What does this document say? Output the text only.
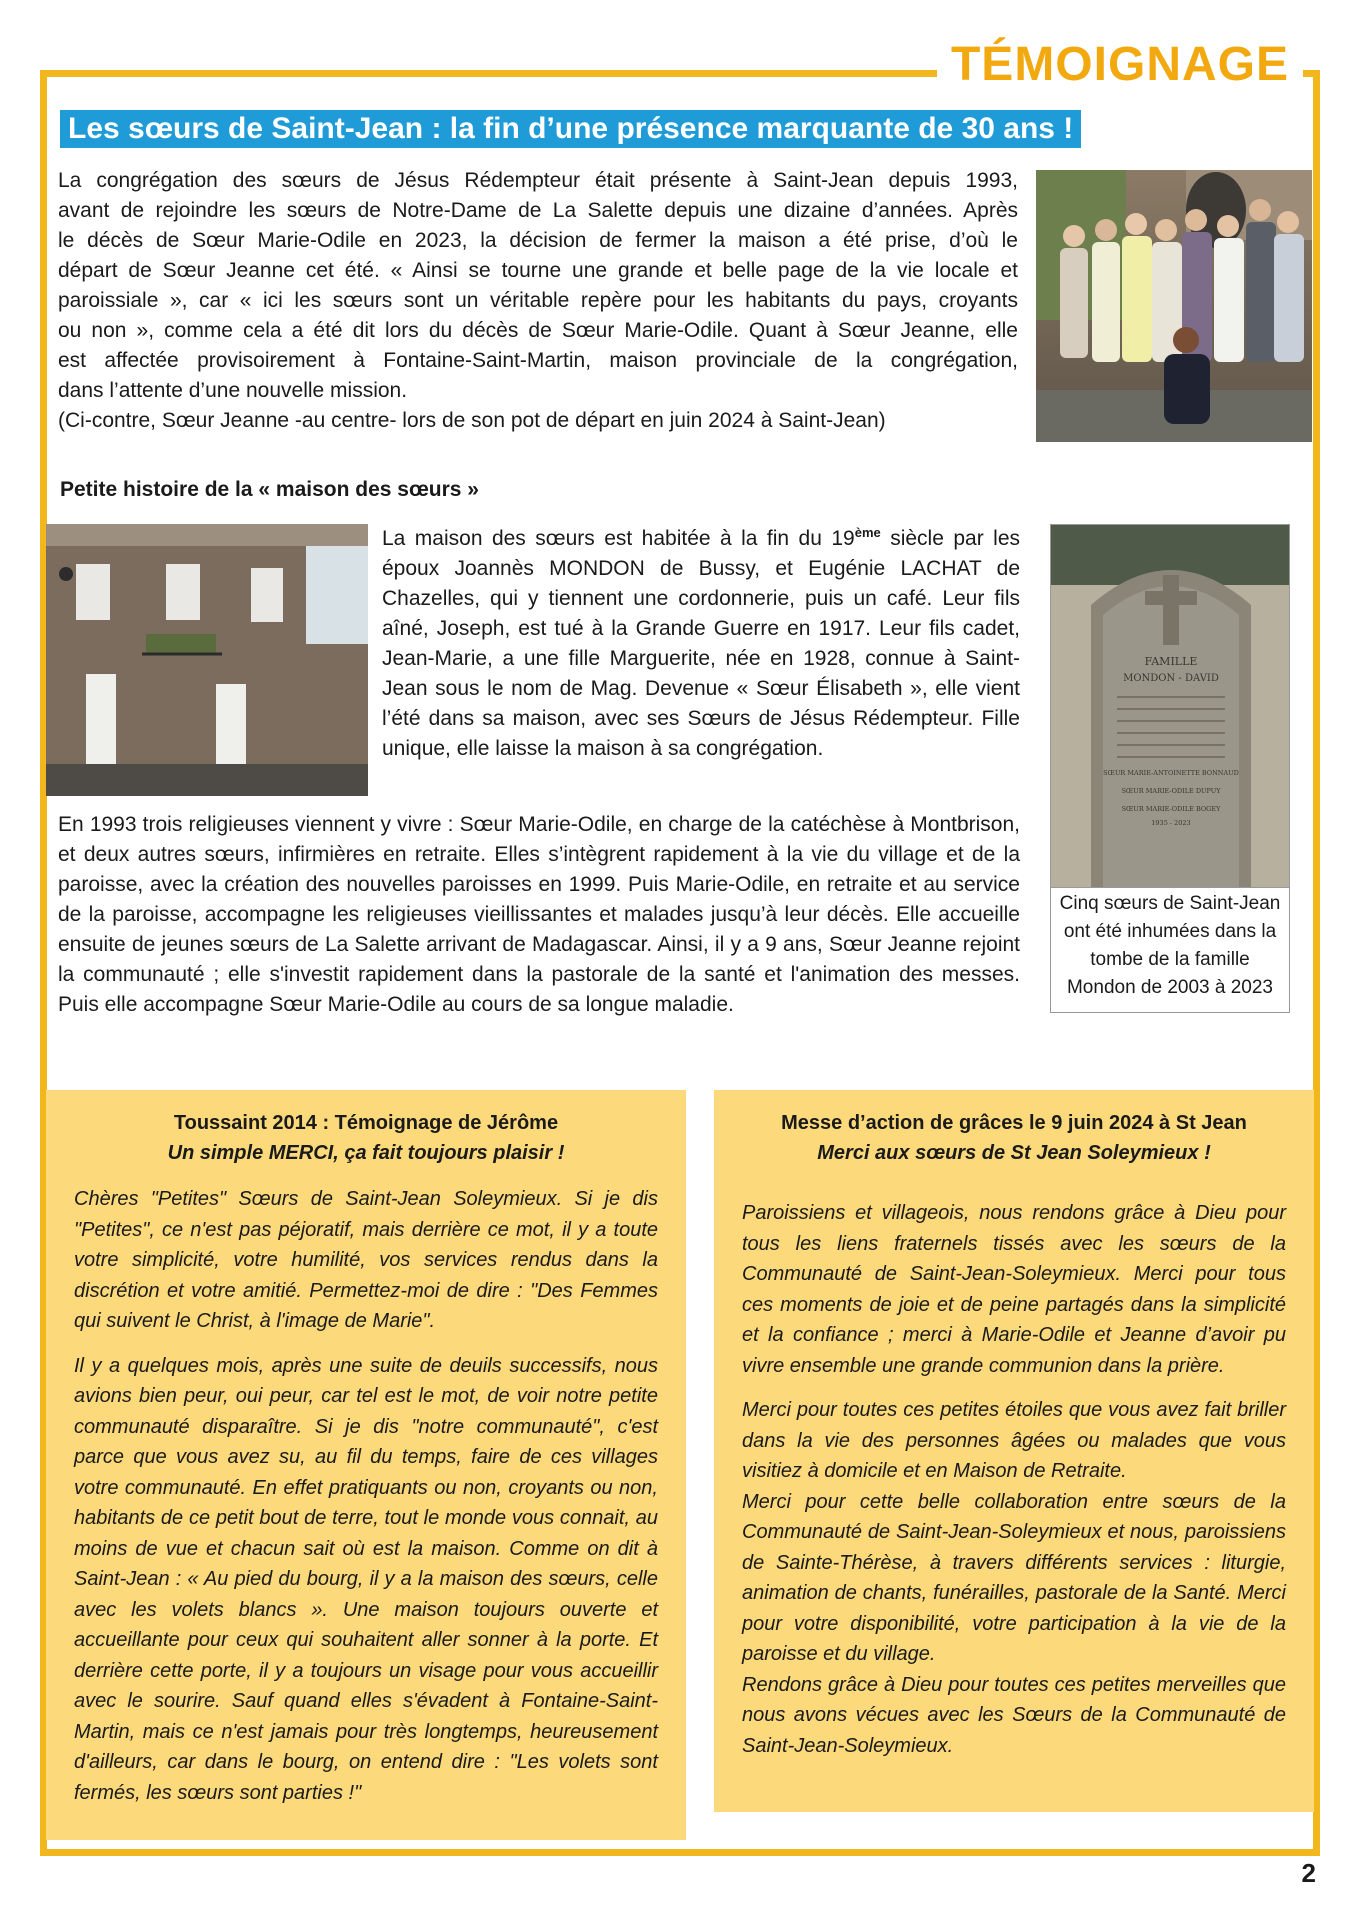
TÉMOIGNAGE
Les sœurs de Saint-Jean : la fin d’une présence marquante de 30 ans !
La congrégation des sœurs de Jésus Rédempteur était présente à Saint-Jean depuis 1993,
avant de rejoindre les sœurs de Notre-Dame de La Salette depuis une dizaine d’années. Après
le décès de Sœur Marie-Odile en 2023, la décision de fermer la maison a été prise, d’où le
départ de Sœur Jeanne cet été. « Ainsi se tourne une grande et belle page de la vie locale et
paroissiale », car « ici les sœurs sont un véritable repère pour les habitants du pays, croyants
ou non », comme cela a été dit lors du décès de Sœur Marie-Odile. Quant à Sœur Jeanne, elle
est affectée provisoirement à Fontaine-Saint-Martin, maison provinciale de la congrégation,
dans l’attente d’une nouvelle mission.
(Ci-contre, Sœur Jeanne -au centre- lors de son pot de départ en juin 2024 à Saint-Jean)
Petite histoire de la « maison des sœurs »

La maison des sœurs est habitée à la fin du 19ème siècle par les époux Joannès MONDON de Bussy, et Eugénie LACHAT de Chazelles, qui y tiennent une cordonnerie, puis un café. Leur fils aîné, Joseph, est tué à la Grande Guerre en 1917. Leur fils cadet, Jean-Marie, a une fille Marguerite, née en 1928, connue à Saint-Jean sous le nom de Mag. Devenue « Sœur Élisabeth », elle vient l’été dans sa maison, avec ses Sœurs de Jésus Rédempteur. Fille unique, elle laisse la maison à sa congrégation.

En 1993 trois religieuses viennent y vivre : Sœur Marie-Odile, en charge de la catéchèse à Montbrison, et deux autres sœurs, infirmières en retraite. Elles s’intègrent rapidement à la vie du village et de la paroisse, avec la création des nouvelles paroisses en 1999. Puis Marie-Odile, en retraite et au service de la paroisse, accompagne les religieuses vieillissantes et malades jusqu’à leur décès. Elle accueille ensuite de jeunes sœurs de La Salette arrivant de Madagascar. Ainsi, il y a 9 ans, Sœur Jeanne rejoint la communauté ; elle s'investit rapidement dans la pastorale de la santé et l'animation des messes. Puis elle accompagne Sœur Marie-Odile au cours de sa longue maladie.

FAMILLE
MONDON - DAVID
SŒUR MARIE-ANTOINETTE BONNAUD
SŒUR MARIE-ODILE DUPUY
SŒUR MARIE-ODILE BOGEY
1935 - 2023
Cinq sœurs de Saint-Jean ont été inhumées dans la tombe de la famille Mondon de 2003 à 2023
Toussaint 2014 : Témoignage de Jérôme
Un simple MERCI, ça fait toujours plaisir !

Chères "Petites" Sœurs de Saint-Jean Soleymieux. Si je dis "Petites", ce n'est pas péjoratif, mais derrière ce mot, il y a toute votre simplicité, votre humilité, vos services rendus dans la discrétion et votre amitié. Permettez-moi de dire : "Des Femmes qui suivent le Christ, à l'image de Marie".

Il y a quelques mois, après une suite de deuils successifs, nous avions bien peur, oui peur, car tel est le mot, de voir notre petite communauté disparaître. Si je dis "notre communauté", c'est parce que vous avez su, au fil du temps, faire de ces villages votre communauté. En effet pratiquants ou non, croyants ou non, habitants de ce petit bout de terre, tout le monde vous connait, au moins de vue et chacun sait où est la maison. Comme on dit à Saint-Jean : « Au pied du bourg, il y a la maison des sœurs, celle avec les volets blancs ». Une maison toujours ouverte et accueillante pour ceux qui souhaitent aller sonner à la porte. Et derrière cette porte, il y a toujours un visage pour vous accueillir avec le sourire. Sauf quand elles s'évadent à Fontaine-Saint-Martin, mais ce n'est jamais pour très longtemps, heureusement d'ailleurs, car dans le bourg, on entend dire : "Les volets sont fermés, les sœurs sont parties !"

Messe d’action de grâces le 9 juin 2024 à St Jean
Merci aux sœurs de St Jean Soleymieux !

Paroissiens et villageois, nous rendons grâce à Dieu pour tous les liens fraternels tissés avec les sœurs de la Communauté de Saint-Jean-Soleymieux. Merci pour tous ces moments de joie et de peine partagés dans la simplicité et la confiance ; merci à Marie-Odile et Jeanne d’avoir pu vivre ensemble une grande communion dans la prière.

Merci pour toutes ces petites étoiles que vous avez fait briller dans la vie des personnes âgées ou malades que vous visitiez à domicile et en Maison de Retraite.

Merci pour cette belle collaboration entre sœurs de la Communauté de Saint-Jean-Soleymieux et nous, paroissiens de Sainte-Thérèse, à travers différents services : liturgie, animation de chants, funérailles, pastorale de la Santé. Merci pour votre disponibilité, votre participation à la vie de la paroisse et du village.

Rendons grâce à Dieu pour toutes ces petites merveilles que nous avons vécues avec les Sœurs de la Communauté de Saint-Jean-Soleymieux.

2
